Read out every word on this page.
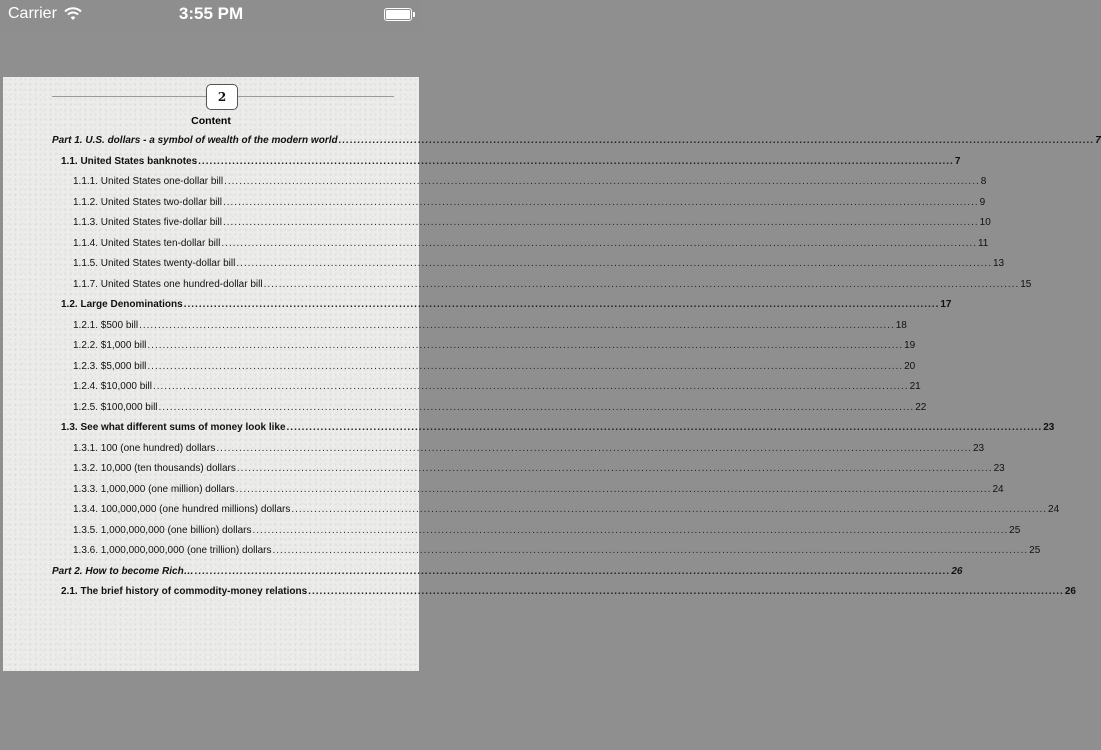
Carrier	3:55 PM
2
Content
Part 1. U.S. dollars - a symbol of wealth of the modern world ........................................................................................................................................................................................................ 7
1.1. United States banknotes ........................................................................................................................................................................................................ 7
1.1.1. United States one-dollar bill ........................................................................................................................................................................................................ 8
1.1.2. United States two-dollar bill ........................................................................................................................................................................................................ 9
1.1.3. United States five-dollar bill ........................................................................................................................................................................................................ 10
1.1.4. United States ten-dollar bill ........................................................................................................................................................................................................ 11
1.1.5. United States twenty-dollar bill ........................................................................................................................................................................................................ 13
1.1.7. United States one hundred-dollar bill ........................................................................................................................................................................................................ 15
1.2. Large Denominations ........................................................................................................................................................................................................ 17
1.2.1. $500 bill ........................................................................................................................................................................................................ 18
1.2.2. $1,000 bill ........................................................................................................................................................................................................ 19
1.2.3. $5,000 bill ........................................................................................................................................................................................................ 20
1.2.4. $10,000 bill ........................................................................................................................................................................................................ 21
1.2.5. $100,000 bill ........................................................................................................................................................................................................ 22
1.3. See what different sums of money look like ........................................................................................................................................................................................................ 23
1.3.1. 100 (one hundred) dollars ........................................................................................................................................................................................................ 23
1.3.2. 10,000 (ten thousands) dollars ........................................................................................................................................................................................................ 23
1.3.3. 1,000,000 (one million) dollars ........................................................................................................................................................................................................ 24
1.3.4. 100,000,000 (one hundred millions) dollars ........................................................................................................................................................................................................ 24
1.3.5. 1,000,000,000 (one billion) dollars ........................................................................................................................................................................................................ 25
1.3.6. 1,000,000,000,000 (one trillion) dollars ........................................................................................................................................................................................................ 25
Part 2. How to become Rich… ........................................................................................................................................................................................................ 26
2.1. The brief history of commodity-money relations ........................................................................................................................................................................................................ 26
